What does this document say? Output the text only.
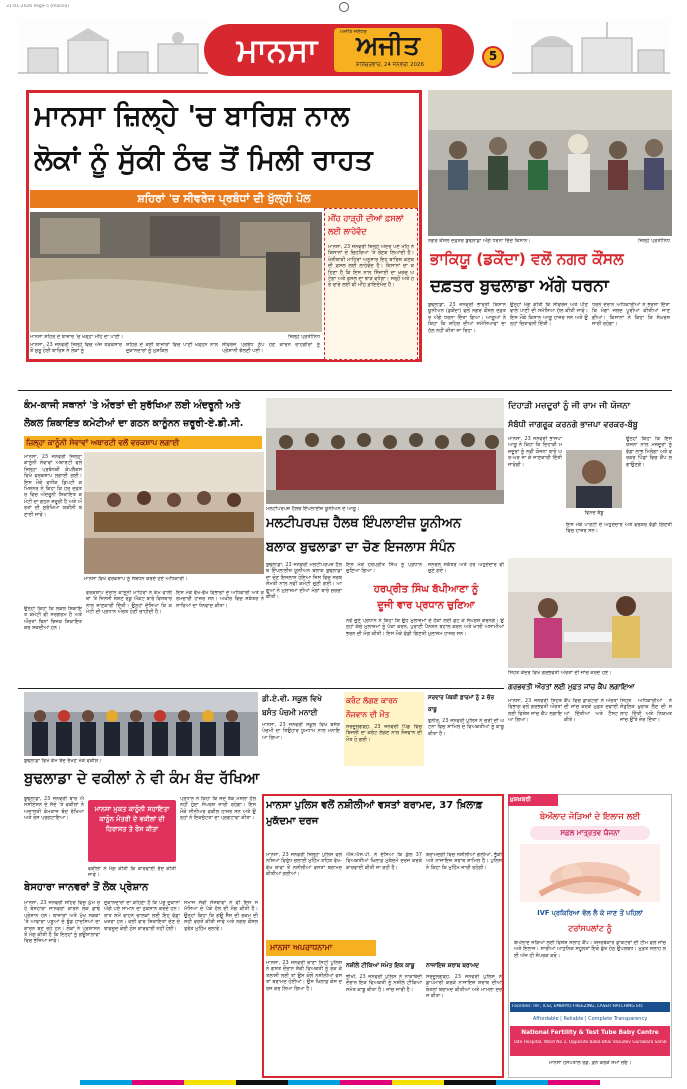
31-01-2026 Page-5 (mansa)
ਮਾਨਸਾ	ਅਜੀਤ ਜਲੰਧਰ
ਅਜੀਤ
ਸ਼ਨਿੱਚਰਵਾਰ, 24 ਜਨਵਰੀ 2026
5
ਮਾਨਸਾ ਜ਼ਿਲ੍ਹੇ 'ਚ ਬਾਰਿਸ਼ ਨਾਲ
ਲੋਕਾਂ ਨੂੰ ਸੁੱਕੀ ਠੰਢ ਤੋਂ ਮਿਲੀ ਰਾਹਤ
ਸ਼ਹਿਰਾਂ 'ਚ ਸੀਵਰੇਜ ਪ੍ਰਬੰਧਾਂ ਦੀ ਖੁੱਲ੍ਹੀ ਪੋਲ
ਮਾਨਸਾ ਸ਼ਹਿਰ ਦੇ ਬਾਜ਼ਾਰ 'ਚ ਖੜ੍ਹਾ ਮੀਂਹ ਦਾ ਪਾਣੀ।
ਮੀਂਹ ਹਾੜ੍ਹੀ ਦੀਆਂ ਫ਼ਸਲਾਂ ਲਈ ਲਾਹੇਵੰਦ
ਮਾਨਸਾ, 23 ਜਨਵਰੀ ਜ਼ਿਲ੍ਹੇ ਅੰਦਰ ਪਏ ਮੀਂਹ ਨੇ ਕਿਸਾਨਾਂ ਦੇ ਚਿਹਰਿਆਂ 'ਤੇ ਰੌਣਕ ਲਿਆਂਦੀ ਹੈ। ਖੇਤੀਬਾੜੀ ਮਾਹਿਰਾਂ ਅਨੁਸਾਰ ਇਹ ਬਾਰਿਸ਼ ਕਣਕ ਦੀ ਫ਼ਸਲ ਲਈ ਲਾਹੇਵੰਦ ਹੈ। ਕਿਸਾਨਾਂ ਦਾ ਕਹਿਣਾ ਹੈ ਕਿ ਇਸ ਨਾਲ ਸਿੰਜਾਈ ਦਾ ਖ਼ਰਚ ਘਟੇਗਾ ਅਤੇ ਫ਼ਸਲ ਦਾ ਝਾੜ ਵਧੇਗਾ। ਸਰ੍ਹੋਂ ਅਤੇ ਹਰੇ ਚਾਰੇ ਲਈ ਵੀ ਮੀਂਹ ਫ਼ਾਇਦੇਮੰਦ ਹੈ।
ਮਾਨਸਾ, 23 ਜਨਵਰੀ ਜ਼ਿਲ੍ਹੇ ਵਿਚ ਅੱਜ ਤੜਕਸਾਰ ਤੋਂ ਸ਼ੁਰੂ ਹੋਈ ਬਾਰਿਸ਼ ਨੇ ਲੋਕਾਂ ਨੂੰ
ਸ਼ਹਿਰ ਦੇ ਕਈ ਬਾਜ਼ਾਰਾਂ ਵਿਚ ਪਾਣੀ ਖੜ੍ਹਨ ਨਾਲ ਦੁਕਾਨਦਾਰਾਂ ਨੂੰ ਮੁਸ਼ਕਿਲ
ਸੀਵਰੇਜ ਪ੍ਰਬੰਧ ਠੱਪ ਹੋਣ ਕਾਰਨ ਰਾਹਗੀਰਾਂ ਨੂੰ ਪ੍ਰੇਸ਼ਾਨੀ ਝੱਲਣੀ ਪਈ।
ਜ਼ਿਲ੍ਹੇ ਪ੍ਰਤੀਨਿਧ
ਨਗਰ ਕੌਂਸਲ ਦਫ਼ਤਰ ਬੁਢਲਾਡਾ ਅੱਗੇ ਧਰਨਾ ਦਿੰਦੇ ਕਿਸਾਨ।
ਭਾਕਿਯੂ (ਡਕੌਂਦਾ) ਵਲੋਂ ਨਗਰ ਕੌਂਸਲ
ਦਫ਼ਤਰ ਬੁਢਲਾਡਾ ਅੱਗੇ ਧਰਨਾ
ਬੁਢਲਾਡਾ, 23 ਜਨਵਰੀ ਭਾਰਤੀ ਕਿਸਾਨ ਯੂਨੀਅਨ (ਡਕੌਂਦਾ) ਵਲੋਂ ਨਗਰ ਕੌਂਸਲ ਦਫ਼ਤਰ ਅੱਗੇ ਧਰਨਾ ਦਿੱਤਾ ਗਿਆ। ਆਗੂਆਂ ਨੇ ਕਿਹਾ ਕਿ ਸ਼ਹਿਰ ਦੀਆਂ ਸਮੱਸਿਆਵਾਂ ਦਾ ਹੱਲ ਨਹੀਂ ਕੀਤਾ ਜਾ ਰਿਹਾ।
ਉਨ੍ਹਾਂ ਮੰਗ ਕੀਤੀ ਕਿ ਸੀਵਰੇਜ ਅਤੇ ਪੀਣ ਵਾਲੇ ਪਾਣੀ ਦੀ ਸਮੱਸਿਆ ਹੱਲ ਕੀਤੀ ਜਾਵੇ। ਇਸ ਮੌਕੇ ਕਿਸਾਨ ਆਗੂ ਹਾਜ਼ਰ ਸਨ ਅਤੇ ਉਨ੍ਹਾਂ ਚਿਤਾਵਨੀ ਦਿੱਤੀ।
ਧਰਨੇ ਦੌਰਾਨ ਅਧਿਕਾਰੀਆਂ ਨੇ ਭਰੋਸਾ ਦਿੱਤਾ ਕਿ ਮੰਗਾਂ ਜਲਦ ਪੂਰੀਆਂ ਕੀਤੀਆਂ ਜਾਣਗੀਆਂ। ਕਿਸਾਨਾਂ ਨੇ ਕਿਹਾ ਕਿ ਸੰਘਰਸ਼ ਜਾਰੀ ਰਹੇਗਾ।
ਜ਼ਿਲ੍ਹੇ ਪ੍ਰਤੀਨਿਧ
ਕੰਮ-ਕਾਜੀ ਸਥਾਨਾਂ 'ਤੇ ਔਰਤਾਂ ਦੀ ਸੁਰੱਖਿਆ ਲਈ ਅੰਦਰੂਨੀ ਅਤੇ
ਲੋਕਲ ਸ਼ਿਕਾਇਤ ਕਮੇਟੀਆਂ ਦਾ ਗਠਨ ਕਾਨੂੰਨਨ ਜ਼ਰੂਰੀ-ਏ.ਡੀ.ਸੀ.
ਜ਼ਿਲ੍ਹਾ ਕਾਨੂੰਨੀ ਸੇਵਾਵਾਂ ਅਥਾਰਟੀ ਵਲੋਂ ਵਰਕਸ਼ਾਪ ਲਗਾਈ
ਮਾਨਸਾ, 23 ਜਨਵਰੀ ਜ਼ਿਲ੍ਹਾ ਕਾਨੂੰਨੀ ਸੇਵਾਵਾਂ ਅਥਾਰਟੀ ਵਲੋਂ ਜ਼ਿਲ੍ਹਾ ਪ੍ਰਬੰਧਕੀ ਕੰਪਲੈਕਸ ਵਿਖੇ ਵਰਕਸ਼ਾਪ ਲਗਾਈ ਗਈ। ਇਸ ਮੌਕੇ ਵਧੀਕ ਡਿਪਟੀ ਕਮਿਸ਼ਨਰ ਨੇ ਕਿਹਾ ਕਿ ਹਰ ਦਫ਼ਤਰ ਵਿਚ ਅੰਦਰੂਨੀ ਸ਼ਿਕਾਇਤ ਕਮੇਟੀ ਦਾ ਗਠਨ ਜ਼ਰੂਰੀ ਹੈ ਅਤੇ ਔਰਤਾਂ ਦੀ ਸੁਰੱਖਿਆ ਯਕੀਨੀ ਬਣਾਈ ਜਾਵੇ।
ਮਾਨਸਾ ਵਿਖੇ ਵਰਕਸ਼ਾਪ ਨੂੰ ਸੰਬੋਧਨ ਕਰਦੇ ਹੋਏ ਅਧਿਕਾਰੀ।
ਉਨ੍ਹਾਂ ਕਿਹਾ ਕਿ ਲੋਕਲ ਸ਼ਿਕਾਇਤ ਕਮੇਟੀ ਵੀ ਸਰਗਰਮ ਹੈ ਅਤੇ ਔਰਤਾਂ ਬਿਨਾਂ ਝਿਜਕ ਸ਼ਿਕਾਇਤ ਕਰ ਸਕਦੀਆਂ ਹਨ।
ਵਰਕਸ਼ਾਪ ਦੌਰਾਨ ਕਾਨੂੰਨੀ ਮਾਹਿਰਾਂ ਨੇ ਕੰਮ ਵਾਲੀ ਥਾਂ 'ਤੇ ਜਿਨਸੀ ਸ਼ੋਸ਼ਣ ਰੋਕੂ ਐਕਟ ਬਾਰੇ ਵਿਸਥਾਰ ਨਾਲ ਜਾਣਕਾਰੀ ਦਿੱਤੀ। ਉਨ੍ਹਾਂ ਦੱਸਿਆ ਕਿ ਕਮੇਟੀ ਦੀ ਪ੍ਰਧਾਨ ਔਰਤ ਹੋਣੀ ਚਾਹੀਦੀ ਹੈ।
ਇਸ ਮੌਕੇ ਵੱਖ-ਵੱਖ ਵਿਭਾਗਾਂ ਦੇ ਅਧਿਕਾਰੀ ਅਤੇ ਕਰਮਚਾਰੀ ਹਾਜ਼ਰ ਸਨ। ਅਖ਼ੀਰ ਵਿਚ ਸਕੱਤਰ ਨੇ ਸਾਰਿਆਂ ਦਾ ਧੰਨਵਾਦ ਕੀਤਾ।
ਮਲਟੀਪਰਪਜ਼ ਹੈਲਥ ਇੰਪਲਾਈਜ਼ ਯੂਨੀਅਨ ਦੇ ਆਗੂ।
ਮਲਟੀਪਰਪਜ਼ ਹੈਲਥ ਇੰਪਲਾਈਜ਼ ਯੂਨੀਅਨ
ਬਲਾਕ ਬੁਢਲਾਡਾ ਦਾ ਚੋਣ ਇਜਲਾਸ ਸੰਪੰਨ
ਬੁਢਲਾਡਾ, 23 ਜਨਵਰੀ ਮਲਟੀਪਰਪਜ਼ ਹੈਲਥ ਇੰਪਲਾਈਜ਼ ਯੂਨੀਅਨ ਬਲਾਕ ਬੁਢਲਾਡਾ ਦਾ ਚੋਣ ਇਜਲਾਸ ਹੋਇਆ ਜਿਸ ਵਿਚ ਸਰਬਸੰਮਤੀ ਨਾਲ ਨਵੀਂ ਕਮੇਟੀ ਚੁਣੀ ਗਈ। ਆਗੂਆਂ ਨੇ ਮੁਲਾਜ਼ਮਾਂ ਦੀਆਂ ਮੰਗਾਂ ਬਾਰੇ ਚਰਚਾ ਕੀਤੀ।
ਹਰਪ੍ਰੀਤ ਸਿੰਘ ਬੱਪੀਆਣਾ ਨੂੰ
ਦੂਜੀ ਵਾਰ ਪ੍ਰਧਾਨ ਚੁਣਿਆ
ਇਸ ਮੌਕੇ ਹਰਪ੍ਰੀਤ ਸਿੰਘ ਨੂੰ ਪ੍ਰਧਾਨ ਚੁਣਿਆ ਗਿਆ।
ਜਨਰਲ ਸਕੱਤਰ ਅਤੇ ਹੋਰ ਅਹੁਦੇਦਾਰ ਵੀ ਚੁਣੇ ਗਏ।
ਨਵੇਂ ਚੁਣੇ ਪ੍ਰਧਾਨ ਨੇ ਕਿਹਾ ਕਿ ਉਹ ਮੁਲਾਜ਼ਮਾਂ ਦੇ ਹੱਕਾਂ ਲਈ ਡਟ ਕੇ ਸੰਘਰਸ਼ ਕਰਨਗੇ। ਉਨ੍ਹਾਂ ਕੱਚੇ ਮੁਲਾਜ਼ਮਾਂ ਨੂੰ ਪੱਕਾ ਕਰਨ, ਪੁਰਾਣੀ ਪੈਨਸ਼ਨ ਬਹਾਲ ਕਰਨ ਅਤੇ ਖ਼ਾਲੀ ਅਸਾਮੀਆਂ ਭਰਨ ਦੀ ਮੰਗ ਕੀਤੀ। ਇਸ ਮੌਕੇ ਵੱਡੀ ਗਿਣਤੀ ਮੁਲਾਜ਼ਮ ਹਾਜ਼ਰ ਸਨ।
ਦਿਹਾੜੀ ਮਜ਼ਦੂਰਾਂ ਨੂੰ ਜੀ ਰਾਮ ਜੀ ਯੋਜਨਾ
ਸੰਬੰਧੀ ਜਾਗਰੂਕ ਕਰਨਗੇ ਭਾਜਪਾ ਵਰਕਰ-ਬੱਬੂ
ਮਾਨਸਾ, 23 ਜਨਵਰੀ ਭਾਜਪਾ ਆਗੂ ਨੇ ਕਿਹਾ ਕਿ ਦਿਹਾੜੀ ਮਜ਼ਦੂਰਾਂ ਨੂੰ ਨਵੀਂ ਯੋਜਨਾ ਬਾਰੇ ਘਰ-ਘਰ ਜਾ ਕੇ ਜਾਣਕਾਰੀ ਦਿੱਤੀ ਜਾਵੇਗੀ।
ਵਿਨੋਦ ਬੱਬੂ
ਉਨ੍ਹਾਂ ਕਿਹਾ ਕਿ ਇਸ ਯੋਜਨਾ ਨਾਲ ਮਜ਼ਦੂਰਾਂ ਨੂੰ ਵੱਡਾ ਲਾਭ ਮਿਲੇਗਾ ਅਤੇ ਵਰਕਰ ਪਿੰਡਾਂ ਵਿਚ ਕੈਂਪ ਲਗਾਉਣਗੇ।
ਇਸ ਮੌਕੇ ਪਾਰਟੀ ਦੇ ਅਹੁਦੇਦਾਰ ਅਤੇ ਵਰਕਰ ਵੱਡੀ ਗਿਣਤੀ ਵਿਚ ਹਾਜ਼ਰ ਸਨ।
ਸਿਹਤ ਕੇਂਦਰ ਵਿਖੇ ਗਰਭਵਤੀ ਔਰਤਾਂ ਦੀ ਜਾਂਚ ਕਰਦੇ ਹੋਏ।
ਗਰਭਵਤੀ ਔਰਤਾਂ ਲਈ ਮੁਫ਼ਤ ਜਾਂਚ ਕੈਂਪ ਲਗਾਇਆ
ਮਾਨਸਾ, 23 ਜਨਵਰੀ ਸਿਹਤ ਵਿਭਾਗ ਵਲੋਂ ਗਰਭਵਤੀ ਔਰਤਾਂ ਲਈ ਵਿਸ਼ੇਸ਼ ਜਾਂਚ ਕੈਂਪ ਲਗਾਇਆ ਗਿਆ।
ਕੈਂਪ ਵਿਚ ਡਾਕਟਰਾਂ ਨੇ ਔਰਤਾਂ ਦੀ ਜਾਂਚ ਕਰਕੇ ਮੁਫ਼ਤ ਦਵਾਈਆਂ ਦਿੱਤੀਆਂ ਅਤੇ ਟੈਸਟ ਕੀਤੇ।
ਸਿਹਤ ਅਧਿਕਾਰੀਆਂ ਨੇ ਸੰਤੁਲਿਤ ਖ਼ੁਰਾਕ ਲੈਣ ਦੀ ਸਲਾਹ ਦਿੱਤੀ ਅਤੇ ਨਿਯਮਤ ਜਾਂਚ ਉੱਤੇ ਜ਼ੋਰ ਦਿੱਤਾ।
ਬੁਢਲਾਡਾ ਵਿਖੇ ਕੰਮ ਬੰਦ ਰੱਖਣ ਮੌਕੇ ਵਕੀਲ।
ਬੁਢਲਾਡਾ ਦੇ ਵਕੀਲਾਂ ਨੇ ਵੀ ਕੰਮ ਬੰਦ ਰੱਖਿਆ
ਬੁਢਲਾਡਾ, 23 ਜਨਵਰੀ ਬਾਰ ਐਸੋਸੀਏਸ਼ਨ ਦੇ ਸੱਦੇ 'ਤੇ ਵਕੀਲਾਂ ਨੇ ਅਦਾਲਤੀ ਕੰਮਕਾਜ ਬੰਦ ਰੱਖਿਆ ਅਤੇ ਰੋਸ ਪ੍ਰਗਟਾਇਆ।
ਮਾਨਸਾ ਮੁਕਤ ਕਾਨੂੰਨੀ ਸਹਾਇਤਾ ਕਾਨੂੰਨ ਮੰਤਰੀ ਦੇ ਵਕੀਲਾਂ ਦੀ ਹਿਰਾਸਤ ਤੇ ਰੋਸ ਕੀਤਾ
ਵਕੀਲਾਂ ਨੇ ਮੰਗ ਕੀਤੀ ਕਿ ਕਾਰਵਾਈ ਰੱਦ ਕੀਤੀ ਜਾਵੇ।
ਪ੍ਰਧਾਨ ਨੇ ਕਿਹਾ ਕਿ ਜਦੋਂ ਤੱਕ ਮਸਲਾ ਹੱਲ ਨਹੀਂ ਹੁੰਦਾ ਸੰਘਰਸ਼ ਜਾਰੀ ਰਹੇਗਾ। ਇਸ ਮੌਕੇ ਸੀਨੀਅਰ ਵਕੀਲ ਹਾਜ਼ਰ ਸਨ ਅਤੇ ਉਨ੍ਹਾਂ ਨੇ ਇਕਜੁੱਟਤਾ ਦਾ ਪ੍ਰਗਟਾਵਾ ਕੀਤਾ।
ਡੀ.ਏ.ਵੀ. ਸਕੂਲ ਵਿਖੇ
ਬਸੰਤ ਪੰਚਮੀ ਮਨਾਈ
ਮਾਨਸਾ, 23 ਜਨਵਰੀ ਸਕੂਲ ਵਿਖੇ ਬਸੰਤ ਪੰਚਮੀ ਦਾ ਤਿਉਹਾਰ ਧੂਮਧਾਮ ਨਾਲ ਮਨਾਇਆ ਗਿਆ।
ਕਰੰਟ ਲੱਗਣ ਕਾਰਨ
ਨੌਜਵਾਨ ਦੀ ਮੌਤ
ਸਰਦੂਲਗੜ੍ਹ, 23 ਜਨਵਰੀ ਪਿੰਡ ਵਿਚ ਬਿਜਲੀ ਦਾ ਕਰੰਟ ਲੱਗਣ ਨਾਲ ਨੌਜਵਾਨ ਦੀ ਮੌਤ ਹੋ ਗਈ।
ਸਰਦਾਰ ਪੰਥਕੀ ਫ਼ਾਰਮਾਂ ਨੂੰ 2 ਚੋਰ
ਕਾਬੂ
ਝੁਨੀਰ, 23 ਜਨਵਰੀ ਪੁਲਿਸ ਨੇ ਚੋਰੀ ਦੀ ਘਟਨਾ ਵਿਚ ਸ਼ਾਮਿਲ ਦੋ ਵਿਅਕਤੀਆਂ ਨੂੰ ਕਾਬੂ ਕੀਤਾ ਹੈ।
ਬੇਸਹਾਰਾ ਜਾਨਵਰਾਂ ਤੋਂ ਲੋਕ ਪ੍ਰੇਸ਼ਾਨ
ਮਾਨਸਾ, 23 ਜਨਵਰੀ ਸ਼ਹਿਰ ਵਿਚ ਘੁੰਮ ਰਹੇ ਬੇਸਹਾਰਾ ਜਾਨਵਰਾਂ ਕਾਰਨ ਲੋਕ ਡਾਢੇ ਪ੍ਰੇਸ਼ਾਨ ਹਨ। ਬਾਜ਼ਾਰਾਂ ਅਤੇ ਮੁੱਖ ਸੜਕਾਂ 'ਤੇ ਆਵਾਰਾ ਪਸ਼ੂਆਂ ਦੇ ਝੁੰਡ ਹਾਦਸਿਆਂ ਦਾ ਕਾਰਨ ਬਣ ਰਹੇ ਹਨ। ਲੋਕਾਂ ਨੇ ਪ੍ਰਸ਼ਾਸਨ ਤੋਂ ਮੰਗ ਕੀਤੀ ਹੈ ਕਿ ਇਨ੍ਹਾਂ ਨੂੰ ਗਊਸ਼ਾਲਾਵਾਂ ਵਿਚ ਭੇਜਿਆ ਜਾਵੇ।
ਦੁਕਾਨਦਾਰਾਂ ਦਾ ਕਹਿਣਾ ਹੈ ਕਿ ਪਸ਼ੂ ਦੁਕਾਨਾਂ ਅੱਗੇ ਪਏ ਸਾਮਾਨ ਦਾ ਨੁਕਸਾਨ ਕਰਦੇ ਹਨ। ਰਾਤ ਸਮੇਂ ਵਾਹਨ ਚਾਲਕਾਂ ਲਈ ਇਹ ਵੱਡਾ ਖ਼ਤਰਾ ਹਨ। ਕਈ ਵਾਰ ਸ਼ਿਕਾਇਤਾਂ ਦੇਣ ਦੇ ਬਾਵਜੂਦ ਕੋਈ ਠੋਸ ਕਾਰਵਾਈ ਨਹੀਂ ਹੋਈ।
ਸਮਾਜ ਸੇਵੀ ਸੰਸਥਾਵਾਂ ਨੇ ਵੀ ਇਸ ਸਮੱਸਿਆ ਦੇ ਪੱਕੇ ਹੱਲ ਦੀ ਮੰਗ ਕੀਤੀ ਹੈ। ਉਨ੍ਹਾਂ ਕਿਹਾ ਕਿ ਗਊ ਸੈੱਸ ਦੀ ਰਕਮ ਦੀ ਸਹੀ ਵਰਤੋਂ ਕੀਤੀ ਜਾਵੇ ਅਤੇ ਨਗਰ ਕੌਂਸਲ ਤੁਰੰਤ ਮੁਹਿੰਮ ਚਲਾਵੇ।
ਮਾਨਸਾ ਪੁਲਿਸ ਵਲੋਂ ਨਸ਼ੀਲੀਆਂ ਵਸਤਾਂ ਬਰਾਮਦ, 37 ਖ਼ਿਲਾਫ਼ ਮੁਕੱਦਮਾ ਦਰਜ
ਮਾਨਸਾ, 23 ਜਨਵਰੀ ਜ਼ਿਲ੍ਹਾ ਪੁਲਿਸ ਵਲੋਂ ਨਸ਼ਿਆਂ ਵਿਰੁੱਧ ਚਲਾਈ ਮੁਹਿੰਮ ਤਹਿਤ ਵੱਖ-ਵੱਖ ਥਾਵਾਂ ਤੋਂ ਨਸ਼ੀਲੀਆਂ ਵਸਤਾਂ ਬਰਾਮਦ ਕੀਤੀਆਂ ਗਈਆਂ।
ਐਸ.ਐਸ.ਪੀ. ਨੇ ਦੱਸਿਆ ਕਿ ਕੁੱਲ 37 ਵਿਅਕਤੀਆਂ ਖ਼ਿਲਾਫ਼ ਮੁਕੱਦਮੇ ਦਰਜ ਕਰਕੇ ਕਾਰਵਾਈ ਕੀਤੀ ਜਾ ਰਹੀ ਹੈ।
ਬਰਾਮਦਗੀ ਵਿਚ ਨਸ਼ੀਲੀਆਂ ਗੋਲੀਆਂ, ਭੁੱਕੀ ਅਤੇ ਨਾਜਾਇਜ਼ ਸ਼ਰਾਬ ਸ਼ਾਮਿਲ ਹੈ। ਪੁਲਿਸ ਨੇ ਕਿਹਾ ਕਿ ਮੁਹਿੰਮ ਜਾਰੀ ਰਹੇਗੀ।
ਮਾਨਸਾ ਅਪਰਾਧਨਾਮਾ
ਮਾਨਸਾ, 23 ਜਨਵਰੀ ਥਾਣਾ ਸਿਟੀ ਪੁਲਿਸ ਨੇ ਗਸ਼ਤ ਦੌਰਾਨ ਸ਼ੱਕੀ ਵਿਅਕਤੀ ਨੂੰ ਰੋਕ ਕੇ ਤਲਾਸ਼ੀ ਲਈ ਤਾਂ ਉਸ ਕੋਲੋਂ ਨਸ਼ੀਲੀਆਂ ਵਸਤਾਂ ਬਰਾਮਦ ਹੋਈਆਂ। ਉਸ ਖ਼ਿਲਾਫ਼ ਕੇਸ ਦਰਜ ਕਰ ਲਿਆ ਗਿਆ ਹੈ।
ਨਸ਼ੀਲੇ ਟੀਕਿਆਂ ਸਮੇਤ ਇਕ ਕਾਬੂ
ਭੀਖੀ, 23 ਜਨਵਰੀ ਪੁਲਿਸ ਨੇ ਨਾਕਾਬੰਦੀ ਦੌਰਾਨ ਇਕ ਵਿਅਕਤੀ ਨੂੰ ਨਸ਼ੀਲੇ ਟੀਕਿਆਂ ਸਮੇਤ ਕਾਬੂ ਕੀਤਾ ਹੈ। ਜਾਂਚ ਜਾਰੀ ਹੈ।
ਨਾਜਾਇਜ਼ ਸ਼ਰਾਬ ਬਰਾਮਦ
ਸਰਦੂਲਗੜ੍ਹ, 23 ਜਨਵਰੀ ਪੁਲਿਸ ਨੇ ਛਾਪੇਮਾਰੀ ਕਰਕੇ ਨਾਜਾਇਜ਼ ਸ਼ਰਾਬ ਦੀਆਂ ਬੋਤਲਾਂ ਬਰਾਮਦ ਕੀਤੀਆਂ ਅਤੇ ਮਾਮਲਾ ਦਰਜ ਕੀਤਾ।
ਖ਼ੁਸ਼ਖ਼ਬਰੀ
ਬੇਔਲਾਦ ਜੋੜਿਆਂ ਦੇ ਇਲਾਜ ਲਈ
ਸਫ਼ਲ ਮਾਤ੍ਰਤਵ ਯੋਜਨਾ
IVF ਪ੍ਰਕਿਰਿਆ ਵੱਲ ਲੈ ਕੇ ਜਾਣ ਤੋਂ ਪਹਿਲਾਂ
ਟਰਾਂਸਪਲਾਂਟ ਨੂੰ
ਬੇਔਲਾਦ ਜੋੜਿਆਂ ਲਈ ਵਿਸ਼ੇਸ਼ ਸਲਾਹ ਕੈਂਪ। ਤਜਰਬੇਕਾਰ ਡਾਕਟਰਾਂ ਦੀ ਟੀਮ ਵਲੋਂ ਜਾਂਚ ਅਤੇ ਇਲਾਜ। ਸਾਰੀਆਂ ਆਧੁਨਿਕ ਸਹੂਲਤਾਂ ਇਕੋ ਛੱਤ ਹੇਠ ਉਪਲਬਧ। ਮੁਫ਼ਤ ਸਲਾਹ ਲਈ ਅੱਜ ਹੀ ਸੰਪਰਕ ਕਰੋ।
Facilities: IVF, ICSI, EMBRYO FREEZING, LASER HATCHING Etc
Affordable | Reliable | Complete Transparency
National Fertility & Test Tube Baby Centre
Tata Hospital, Ward No 2, Opposite Baba Bhai Vasudev Gurdwara Sahib
ਮਾਨਸਾ ਹਸਪਤਾਲ ਰੋਡ, ਫ਼ੋਨ ਕਰਕੇ ਸਮਾਂ ਲਓ।
